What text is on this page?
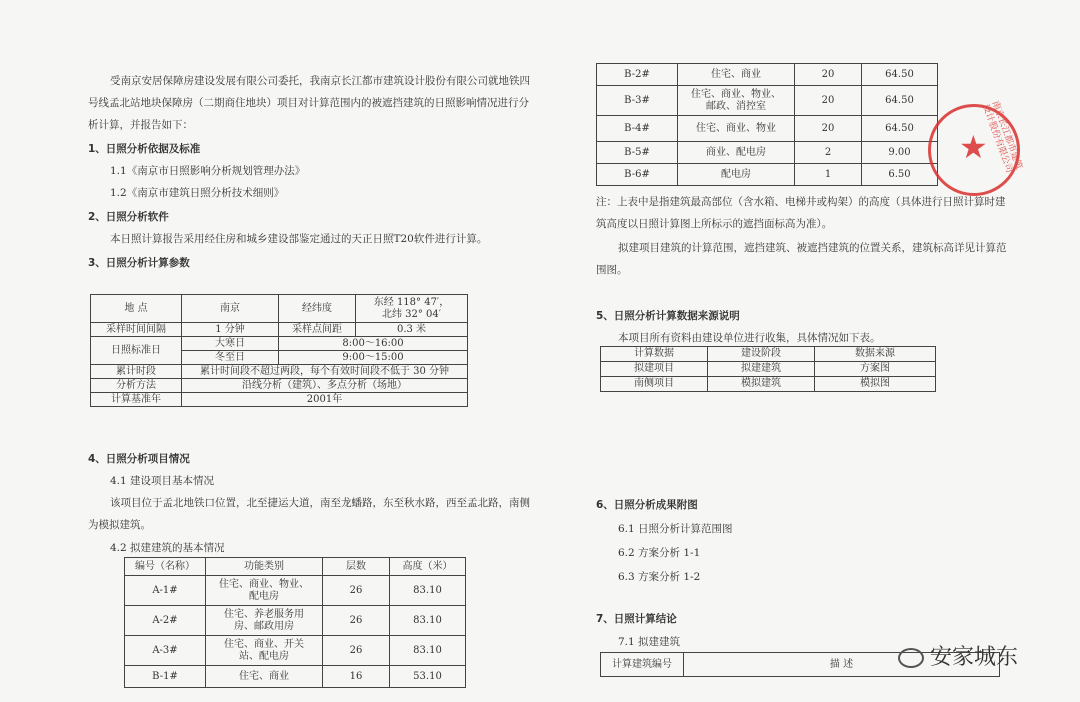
受南京安居保障房建设发展有限公司委托，我南京长江都市建筑设计股份有限公司就地铁四
号线孟北站地块保障房（二期商住地块）项目对计算范围内的被遮挡建筑的日照影响情况进行分
析计算，并报告如下：
1、日照分析依据及标准
1.1《南京市日照影响分析规划管理办法》
1.2《南京市建筑日照分析技术细则》
2、日照分析软件
本日照计算报告采用经住房和城乡建设部鉴定通过的天正日照T20软件进行计算。
3、日照分析计算参数
地 点	南京	经纬度	东经 118° 47′，
北纬 32° 04′

采样时间间隔	1 分钟	采样点间距	0.3 米
日照标准日	大寒日	8:00～16:00	
	冬至日	9:00～15:00	
累计时段	累计时间段不超过两段，每个有效时间段不低于 30 分钟		
分析方法	沿线分析（建筑）、多点分析（场地）		
计算基准年	2001年		
4、日照分析项目情况
4.1 建设项目基本情况
该项目位于孟北地铁口位置，北至捷运大道，南至龙蟠路，东至秋水路，西至孟北路，南侧
为模拟建筑。
4.2 拟建建筑的基本情况
编号（名称）	功能类别	层数	高度（米）
A-1#	住宅、商业、物业、
配电房	26	83.10
A-2#	住宅、养老服务用
房、邮政用房	26	83.10
A-3#	住宅、商业、开关
站、配电房	26	83.10
B-1#	住宅、商业	16	53.10
B-2#	住宅、商业	20	64.50
B-3#	住宅、商业、物业、
邮政、消控室	20	64.50
B-4#	住宅、商业、物业	20	64.50
B-5#	商业、配电房	2	9.00
B-6#	配电房	1	6.50
注：上表中是指建筑最高部位（含水箱、电梯井或构架）的高度（具体进行日照计算时建
筑高度以日照计算图上所标示的遮挡面标高为准）。
拟建项目建筑的计算范围，遮挡建筑、被遮挡建筑的位置关系，建筑标高详见计算范
围图。
5、日照分析计算数据来源说明
本项目所有资料由建设单位进行收集，具体情况如下表。
计算数据	建设阶段	数据来源
拟建项目	拟建建筑	方案图
南侧项目	模拟建筑	模拟图
6、日照分析成果附图
6.1 日照分析计算范围图
6.2 方案分析 1-1
6.3 方案分析 1-2
7、日照计算结论
7.1 拟建建筑
计算建筑编号	描 述
★ 南京长江都市建筑设计股份有限公司
安家城东
